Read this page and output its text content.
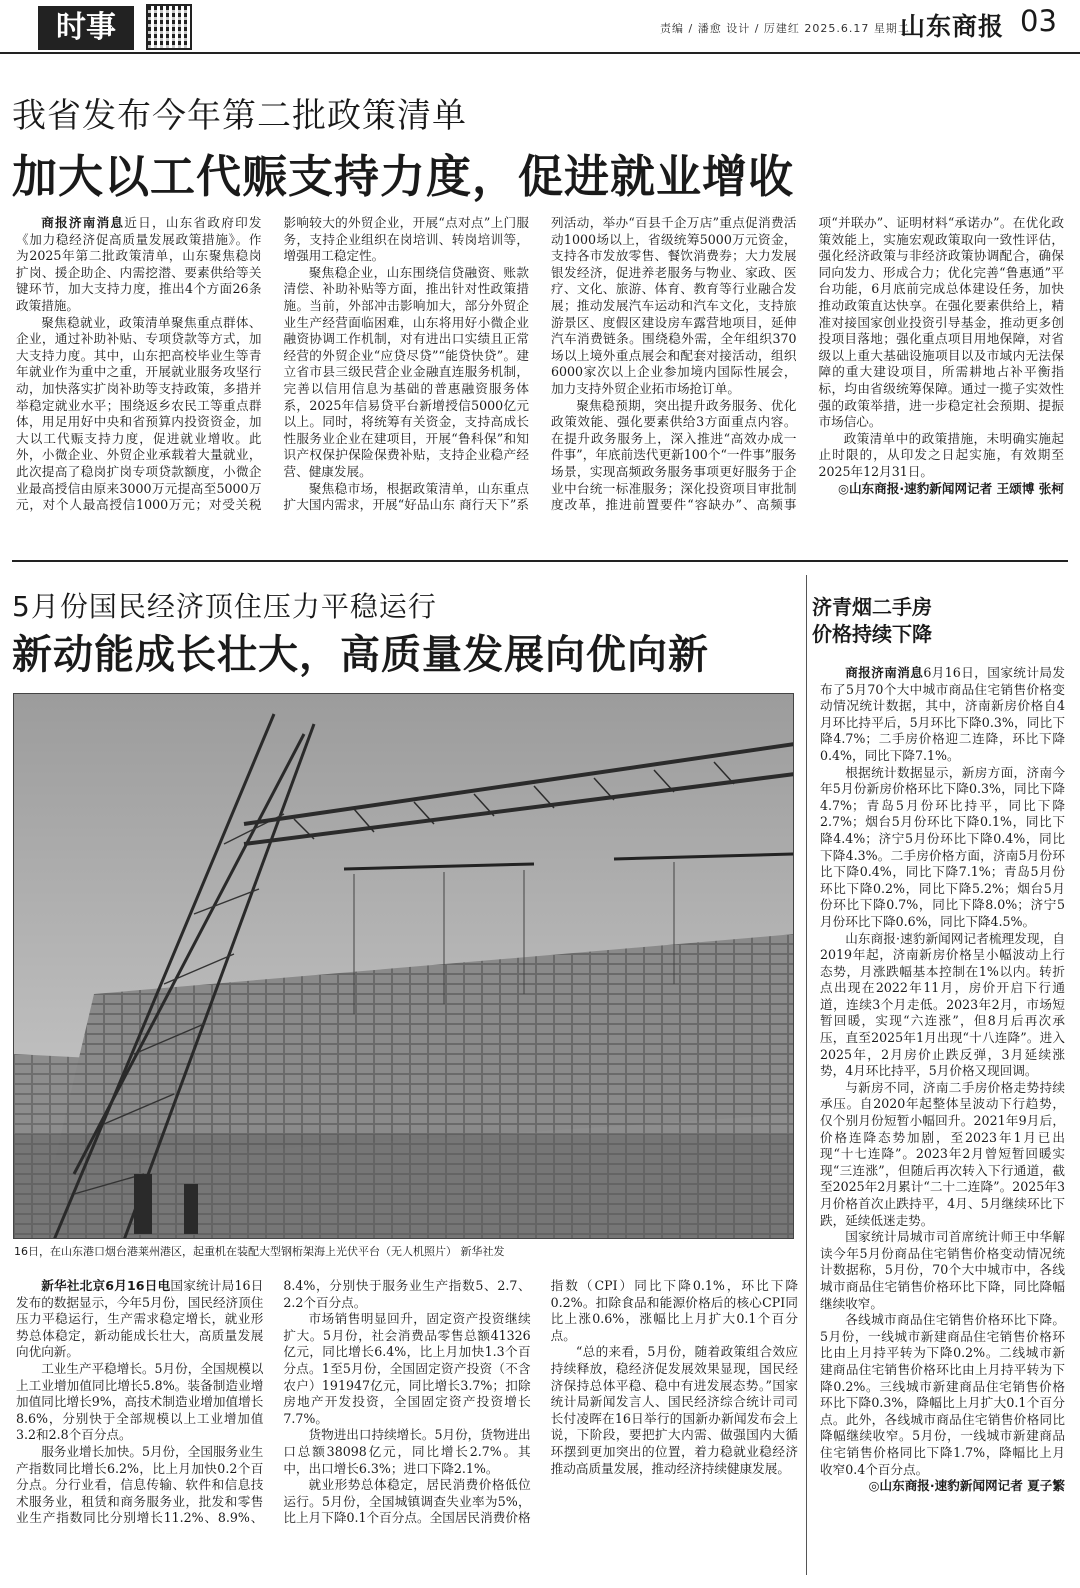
时事	责编 / 潘愈 设计 / 厉建红 2025.6.17 星期二
山东商报 03
我省发布今年第二批政策清单
加大以工代赈支持力度，促进就业增收

商报济南消息近日，山东省政府印发《加力稳经济促高质量发展政策措施》。作为2025年第二批政策清单，山东聚焦稳岗扩岗、援企助企、内需挖潜、要素供给等关键环节，加大支持力度，推出4个方面26条政策措施。

聚焦稳就业，政策清单聚焦重点群体、企业，通过补助补贴、专项贷款等方式，加大支持力度。其中，山东把高校毕业生等青年就业作为重中之重，开展就业服务攻坚行动，加快落实扩岗补助等支持政策，多措并举稳定就业水平；围绕返乡农民工等重点群体，用足用好中央和省预算内投资资金，加大以工代赈支持力度，促进就业增收。此外，小微企业、外贸企业承载着大量就业，此次提高了稳岗扩岗专项贷款额度，小微企业最高授信由原来3000万元提高至5000万元，对个人最高授信1000万元；对受关税影响较大的外贸企业，开展“点对点”上门服务，支持企业组织在岗培训、转岗培训等，增强用工稳定性。

聚焦稳企业，山东围绕信贷融资、账款清偿、补助补贴等方面，推出针对性政策措施。当前，外部冲击影响加大，部分外贸企业生产经营面临困难，山东将用好小微企业融资协调工作机制，对有进出口实绩且正常经营的外贸企业“应贷尽贷”“能贷快贷”。建立省市县三级民营企业金融直连服务机制，完善以信用信息为基础的普惠融资服务体系，2025年信易贷平台新增授信5000亿元以上。同时，将统筹有关资金，支持高成长性服务业企业在建项目，开展“鲁科保”和知识产权保护保险保费补贴，支持企业稳产经营、健康发展。

聚焦稳市场，根据政策清单，山东重点扩大国内需求，开展“好品山东 商行天下”系列活动，举办“百县千企万店”重点促消费活动1000场以上，省级统筹5000万元资金，支持各市发放零售、餐饮消费券；大力发展银发经济，促进养老服务与物业、家政、医疗、文化、旅游、体育、教育等行业融合发展；推动发展汽车运动和汽车文化，支持旅游景区、度假区建设房车露营地项目，延伸汽车消费链条。围绕稳外需，全年组织370场以上境外重点展会和配套对接活动，组织6000家次以上企业参加境内国际性展会，加力支持外贸企业拓市场抢订单。

聚焦稳预期，突出提升政务服务、优化政策效能、强化要素供给3方面重点内容。在提升政务服务上，深入推进“高效办成一件事”，年底前迭代更新100个“一件事”服务场景，实现高频政务服务事项更好服务于企业中台统一标准服务；深化投资项目审批制度改革，推进前置要件“容缺办”、高频事项“并联办”、证明材料“承诺办”。在优化政策效能上，实施宏观政策取向一致性评估，强化经济政策与非经济政策协调配合，确保同向发力、形成合力；优化完善“鲁惠通”平台功能，6月底前完成总体建设任务，加快推动政策直达快享。在强化要素供给上，精准对接国家创业投资引导基金，推动更多创投项目落地；强化重点项目用地保障，对省级以上重大基础设施项目以及市域内无法保障的重大建设项目，所需耕地占补平衡指标，均由省级统筹保障。通过一揽子实效性强的政策举措，进一步稳定社会预期、提振市场信心。

政策清单中的政策措施，未明确实施起止时限的，从印发之日起实施，有效期至2025年12月31日。

◎山东商报·速豹新闻网记者 王颂博 张柯

5月份国民经济顶住压力平稳运行
新动能成长壮大，高质量发展向优向新
16日，在山东港口烟台港莱州港区，起重机在装配大型钢桁架海上光伏平台（无人机照片） 新华社发

新华社北京6月16日电国家统计局16日发布的数据显示，今年5月份，国民经济顶住压力平稳运行，生产需求稳定增长，就业形势总体稳定，新动能成长壮大，高质量发展向优向新。

工业生产平稳增长。5月份，全国规模以上工业增加值同比增长5.8%。装备制造业增加值同比增长9%，高技术制造业增加值增长8.6%，分别快于全部规模以上工业增加值3.2和2.8个百分点。

服务业增长加快。5月份，全国服务业生产指数同比增长6.2%，比上月加快0.2个百分点。分行业看，信息传输、软件和信息技术服务业，租赁和商务服务业，批发和零售业生产指数同比分别增长11.2%、8.9%、8.4%，分别快于服务业生产指数5、2.7、2.2个百分点。

市场销售明显回升，固定资产投资继续扩大。5月份，社会消费品零售总额41326亿元，同比增长6.4%，比上月加快1.3个百分点。1至5月份，全国固定资产投资（不含农户）191947亿元，同比增长3.7%；扣除房地产开发投资，全国固定资产投资增长7.7%。

货物进出口持续增长。5月份，货物进出口总额38098亿元，同比增长2.7%。其中，出口增长6.3%；进口下降2.1%。

就业形势总体稳定，居民消费价格低位运行。5月份，全国城镇调查失业率为5%，比上月下降0.1个百分点。全国居民消费价格指数（CPI）同比下降0.1%，环比下降0.2%。扣除食品和能源价格后的核心CPI同比上涨0.6%，涨幅比上月扩大0.1个百分点。

“总的来看，5月份，随着政策组合效应持续释放，稳经济促发展效果显现，国民经济保持总体平稳、稳中有进发展态势。”国家统计局新闻发言人、国民经济综合统计司司长付凌晖在16日举行的国新办新闻发布会上说，下阶段，要把扩大内需、做强国内大循环摆到更加突出的位置，着力稳就业稳经济推动高质量发展，推动经济持续健康发展。

济青烟二手房
价格持续下降

商报济南消息6月16日，国家统计局发布了5月70个大中城市商品住宅销售价格变动情况统计数据，其中，济南新房价格自4月环比持平后，5月环比下降0.3%，同比下降4.7%；二手房价格迎二连降，环比下降0.4%，同比下降7.1%。

根据统计数据显示，新房方面，济南今年5月份新房价格环比下降0.3%，同比下降4.7%；青岛5月份环比持平，同比下降2.7%；烟台5月份环比下降0.1%，同比下降4.4%；济宁5月份环比下降0.4%，同比下降4.3%。二手房价格方面，济南5月份环比下降0.4%，同比下降7.1%；青岛5月份环比下降0.2%，同比下降5.2%；烟台5月份环比下降0.7%，同比下降8.0%；济宁5月份环比下降0.6%，同比下降4.5%。

山东商报·速豹新闻网记者梳理发现，自2019年起，济南新房价格呈小幅波动上行态势，月涨跌幅基本控制在1%以内。转折点出现在2022年11月，房价开启下行通道，连续3个月走低。2023年2月，市场短暂回暖，实现“六连涨”，但8月后再次承压，直至2025年1月出现“十八连降”。进入2025年，2月房价止跌反弹，3月延续涨势，4月环比持平，5月价格又现回调。

与新房不同，济南二手房价格走势持续承压。自2020年起整体呈波动下行趋势，仅个别月份短暂小幅回升。2021年9月后，价格连降态势加剧，至2023年1月已出现“十七连降”。2023年2月曾短暂回暖实现“三连涨”，但随后再次转入下行通道，截至2025年2月累计“二十二连降”。2025年3月价格首次止跌持平，4月、5月继续环比下跌，延续低迷走势。

国家统计局城市司首席统计师王中华解读今年5月份商品住宅销售价格变动情况统计数据称，5月份，70个大中城市中，各线城市商品住宅销售价格环比下降，同比降幅继续收窄。

各线城市商品住宅销售价格环比下降。5月份，一线城市新建商品住宅销售价格环比由上月持平转为下降0.2%。二线城市新建商品住宅销售价格环比由上月持平转为下降0.2%。三线城市新建商品住宅销售价格环比下降0.3%，降幅比上月扩大0.1个百分点。此外，各线城市商品住宅销售价格同比降幅继续收窄。5月份，一线城市新建商品住宅销售价格同比下降1.7%，降幅比上月收窄0.4个百分点。

◎山东商报·速豹新闻网记者 夏子繁
